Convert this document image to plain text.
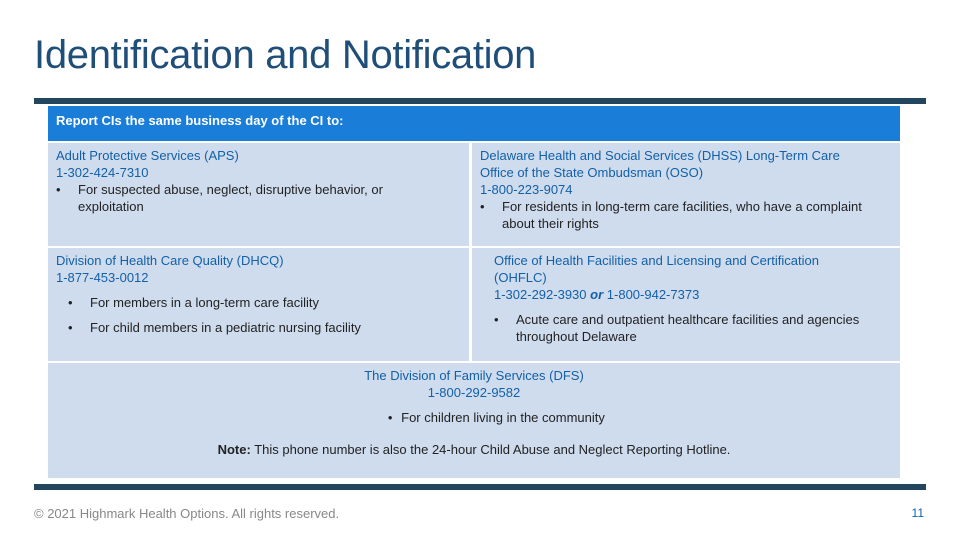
Identification and Notification
Report CIs the same business day of the CI to:
Adult Protective Services (APS)
1-302-424-7310
•	For suspected abuse, neglect, disruptive behavior, or
exploitation
Delaware Health and Social Services (DHSS) Long-Term Care
Office of the State Ombudsman (OSO)
1-800-223-9074
•	For residents in long-term care facilities, who have a complaint
about their rights
Division of Health Care Quality (DHCQ)
1-877-453-0012
•	For members in a long-term care facility
•	For child members in a pediatric nursing facility
Office of Health Facilities and Licensing and Certification
(OHFLC)
1-302-292-3930 or 1-800-942-7373
•	Acute care and outpatient healthcare facilities and agencies
throughout Delaware
The Division of Family Services (DFS)
1-800-292-9582
• For children living in the community
Note: This phone number is also the 24-hour Child Abuse and Neglect Reporting Hotline.
© 2021 Highmark Health Options. All rights reserved.	11
